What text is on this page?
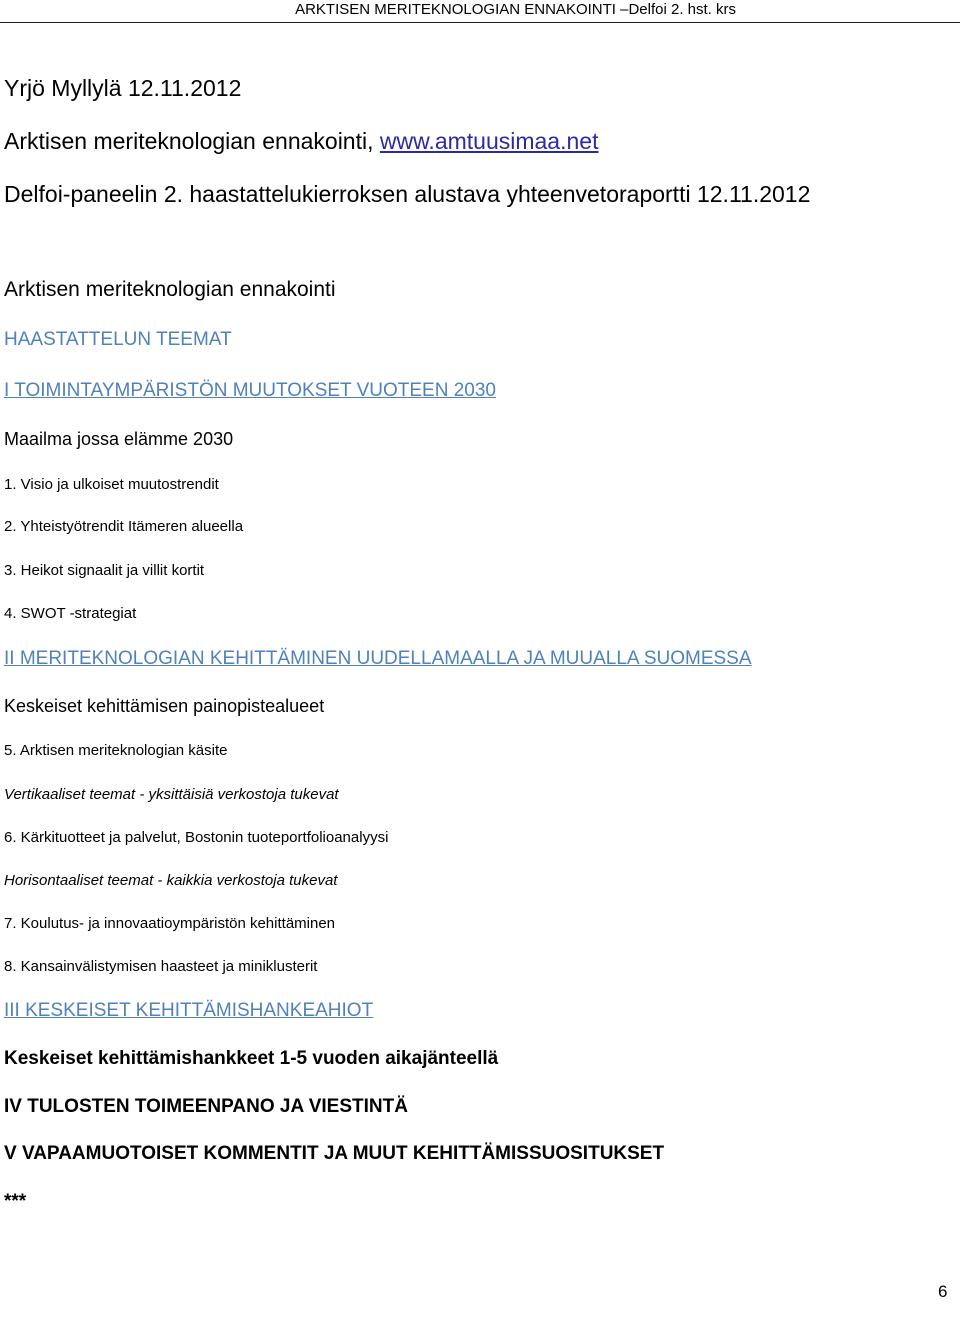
ARKTISEN MERITEKNOLOGIAN ENNAKOINTI –Delfoi 2. hst. krs
Yrjö Myllylä 12.11.2012
Arktisen meriteknologian ennakointi, www.amtuusimaa.net
Delfoi-paneelin 2. haastattelukierroksen alustava yhteenvetoraportti 12.11.2012
Arktisen meriteknologian ennakointi
HAASTATTELUN TEEMAT
I TOIMINTAYMPÄRISTÖN MUUTOKSET VUOTEEN 2030
Maailma jossa elämme 2030
1. Visio ja ulkoiset muutostrendit
2. Yhteistyötrendit Itämeren alueella
3. Heikot signaalit ja villit kortit
4. SWOT -strategiat
II MERITEKNOLOGIAN KEHITTÄMINEN UUDELLAMAALLA JA MUUALLA SUOMESSA
Keskeiset kehittämisen painopistealueet
5. Arktisen meriteknologian käsite
Vertikaaliset teemat - yksittäisiä verkostoja tukevat
6. Kärkituotteet ja palvelut, Bostonin tuoteportfolioanalyysi
Horisontaaliset teemat - kaikkia verkostoja tukevat
7. Koulutus- ja innovaatioympäristön kehittäminen
8. Kansainvälistymisen haasteet ja miniklusterit
III KESKEISET KEHITTÄMISHANKEAHIOT
Keskeiset kehittämishankkeet 1-5 vuoden aikajänteellä
IV TULOSTEN TOIMEENPANO JA VIESTINTÄ
V VAPAAMUOTOISET KOMMENTIT JA MUUT KEHITTÄMISSUOSITUKSET
***
6
